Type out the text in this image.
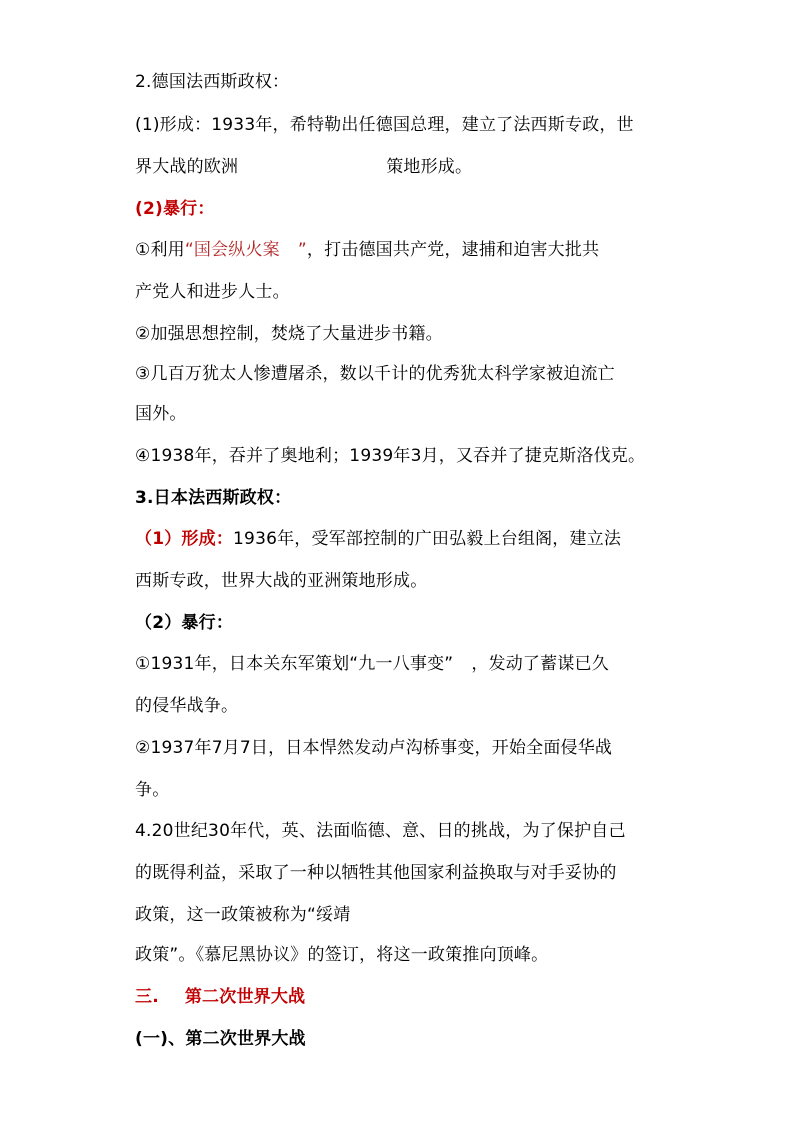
2.德国法西斯政权：
(1)形成：1933年，希特勒出任德国总理，建立了法西斯专政，世
界大战的欧洲	策地形成。
(2)暴行：
①利用“国会纵火案 ”，打击德国共产党，逮捕和迫害大批共
产党人和进步人士。
②加强思想控制，焚烧了大量进步书籍。
③几百万犹太人惨遭屠杀，数以千计的优秀犹太科学家被迫流亡
国外。
④1938年，吞并了奥地利；1939年3月，又吞并了捷克斯洛伐克。
3.日本法西斯政权：
（1）形成：1936年，受军部控制的广田弘毅上台组阁，建立法
西斯专政，世界大战的亚洲策地形成。
（2）暴行：
①1931年，日本关东军策划“九一八事变” ，发动了蓄谋已久
的侵华战争。
②1937年7月7日，日本悍然发动卢沟桥事变，开始全面侵华战
争。
4.20世纪30年代，英、法面临德、意、日的挑战，为了保护自己
的既得利益，采取了一种以牺牲其他国家利益换取与对手妥协的
政策，这一政策被称为“绥靖
政策”。《慕尼黑协议》的签订，将这一政策推向顶峰。
三. 第二次世界大战
(一)、第二次世界大战
